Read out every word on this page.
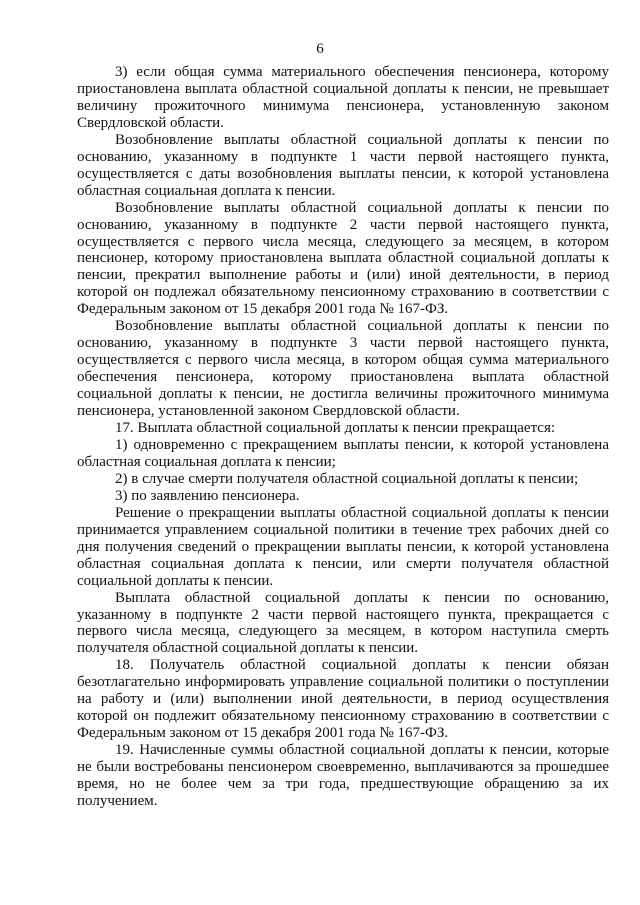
6

3) если общая сумма материального обеспечения пенсионера, которому приостановлена выплата областной социальной доплаты к пенсии, не превышает величину прожиточного минимума пенсионера, установленную законом Свердловской области.

Возобновление выплаты областной социальной доплаты к пенсии по основанию, указанному в подпункте 1 части первой настоящего пункта, осуществляется с даты возобновления выплаты пенсии, к которой установлена областная социальная доплата к пенсии.

Возобновление выплаты областной социальной доплаты к пенсии по основанию, указанному в подпункте 2 части первой настоящего пункта, осуществляется с первого числа месяца, следующего за месяцем, в котором пенсионер, которому приостановлена выплата областной социальной доплаты к пенсии, прекратил выполнение работы и (или) иной деятельности, в период которой он подлежал обязательному пенсионному страхованию в соответствии с Федеральным законом от 15 декабря 2001 года № 167-ФЗ.

Возобновление выплаты областной социальной доплаты к пенсии по основанию, указанному в подпункте 3 части первой настоящего пункта, осуществляется с первого числа месяца, в котором общая сумма материального обеспечения пенсионера, которому приостановлена выплата областной социальной доплаты к пенсии, не достигла величины прожиточного минимума пенсионера, установленной законом Свердловской области.

17. Выплата областной социальной доплаты к пенсии прекращается:

1) одновременно с прекращением выплаты пенсии, к которой установлена областная социальная доплата к пенсии;

2) в случае смерти получателя областной социальной доплаты к пенсии;

3) по заявлению пенсионера.

Решение о прекращении выплаты областной социальной доплаты к пенсии принимается управлением социальной политики в течение трех рабочих дней со дня получения сведений о прекращении выплаты пенсии, к которой установлена областная социальная доплата к пенсии, или смерти получателя областной социальной доплаты к пенсии.

Выплата областной социальной доплаты к пенсии по основанию, указанному в подпункте 2 части первой настоящего пункта, прекращается с первого числа месяца, следующего за месяцем, в котором наступила смерть получателя областной социальной доплаты к пенсии.

18. Получатель областной социальной доплаты к пенсии обязан безотлагательно информировать управление социальной политики о поступлении на работу и (или) выполнении иной деятельности, в период осуществления которой он подлежит обязательному пенсионному страхованию в соответствии с Федеральным законом от 15 декабря 2001 года № 167-ФЗ.

19. Начисленные суммы областной социальной доплаты к пенсии, которые не были востребованы пенсионером своевременно, выплачиваются за прошедшее время, но не более чем за три года, предшествующие обращению за их получением.
